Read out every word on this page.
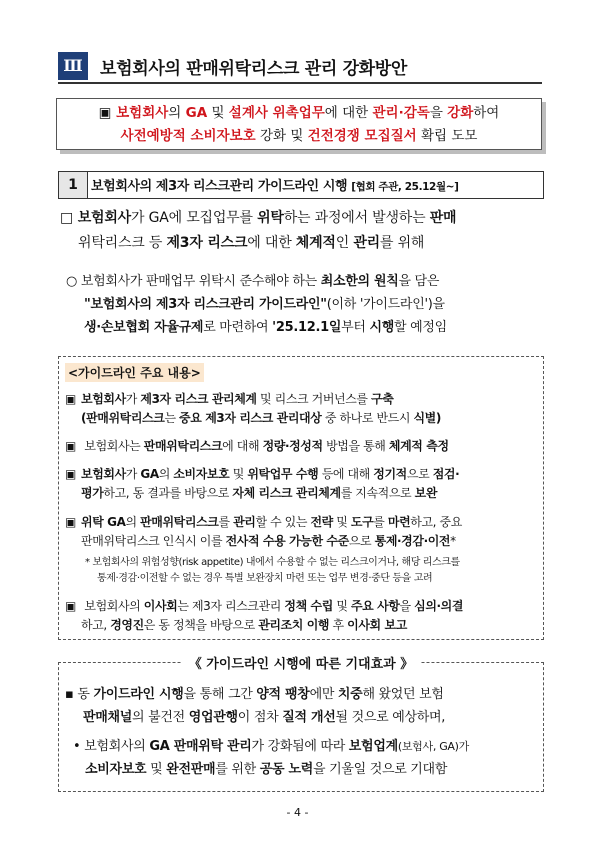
Ⅲ	보험회사의 판매위탁리스크 관리 강화방안
▣ 보험회사의 GA 및 설계사 위촉업무에 대한 관리·감독을 강화하여
사전예방적 소비자보호 강화 및 건전경쟁 모집질서 확립 도모
1	보험회사의 제3자 리스크관리 가이드라인 시행 [협회 주관, 25.12월~]
□ 보험회사가 GA에 모집업무를 위탁하는 과정에서 발생하는 판매
위탁리스크 등 제3자 리스크에 대한 체계적인 관리를 위해
○ 보험회사가 판매업무 위탁시 준수해야 하는 최소한의 원칙을 담은
"보험회사의 제3자 리스크관리 가이드라인"(이하 '가이드라인')을
생·손보협회 자율규제로 마련하여 '25.12.1일부터 시행할 예정임
<가이드라인 주요 내용>
▣ 보험회사가 제3자 리스크 관리체계 및 리스크 거버넌스를 구축
(판매위탁리스크는 중요 제3자 리스크 관리대상 중 하나로 반드시 식별)
▣ 보험회사는 판매위탁리스크에 대해 정량·정성적 방법을 통해 체계적 측정
▣ 보험회사가 GA의 소비자보호 및 위탁업무 수행 등에 대해 정기적으로 점검·
평가하고, 동 결과를 바탕으로 자체 리스크 관리체계를 지속적으로 보완
▣ 위탁 GA의 판매위탁리스크를 관리할 수 있는 전략 및 도구를 마련하고, 중요
판매위탁리스크 인식시 이를 전사적 수용 가능한 수준으로 통제·경감·이전*
* 보험회사의 위험성향(risk appetite) 내에서 수용할 수 없는 리스크이거나, 해당 리스크를
통제·경감·이전할 수 없는 경우 특별 보완장치 마련 또는 업무 변경·중단 등을 고려
▣ 보험회사의 이사회는 제3자 리스크관리 정책 수립 및 주요 사항을 심의·의결
하고, 경영진은 동 정책을 바탕으로 관리조치 이행 후 이사회 보고
《 가이드라인 시행에 따른 기대효과 》
▪ 동 가이드라인 시행을 통해 그간 양적 팽창에만 치중해 왔었던 보험
판매채널의 불건전 영업관행이 점차 질적 개선될 것으로 예상하며,
• 보험회사의 GA 판매위탁 관리가 강화됨에 따라 보험업계(보험사, GA)가
소비자보호 및 완전판매를 위한 공동 노력을 기울일 것으로 기대함
- 4 -
